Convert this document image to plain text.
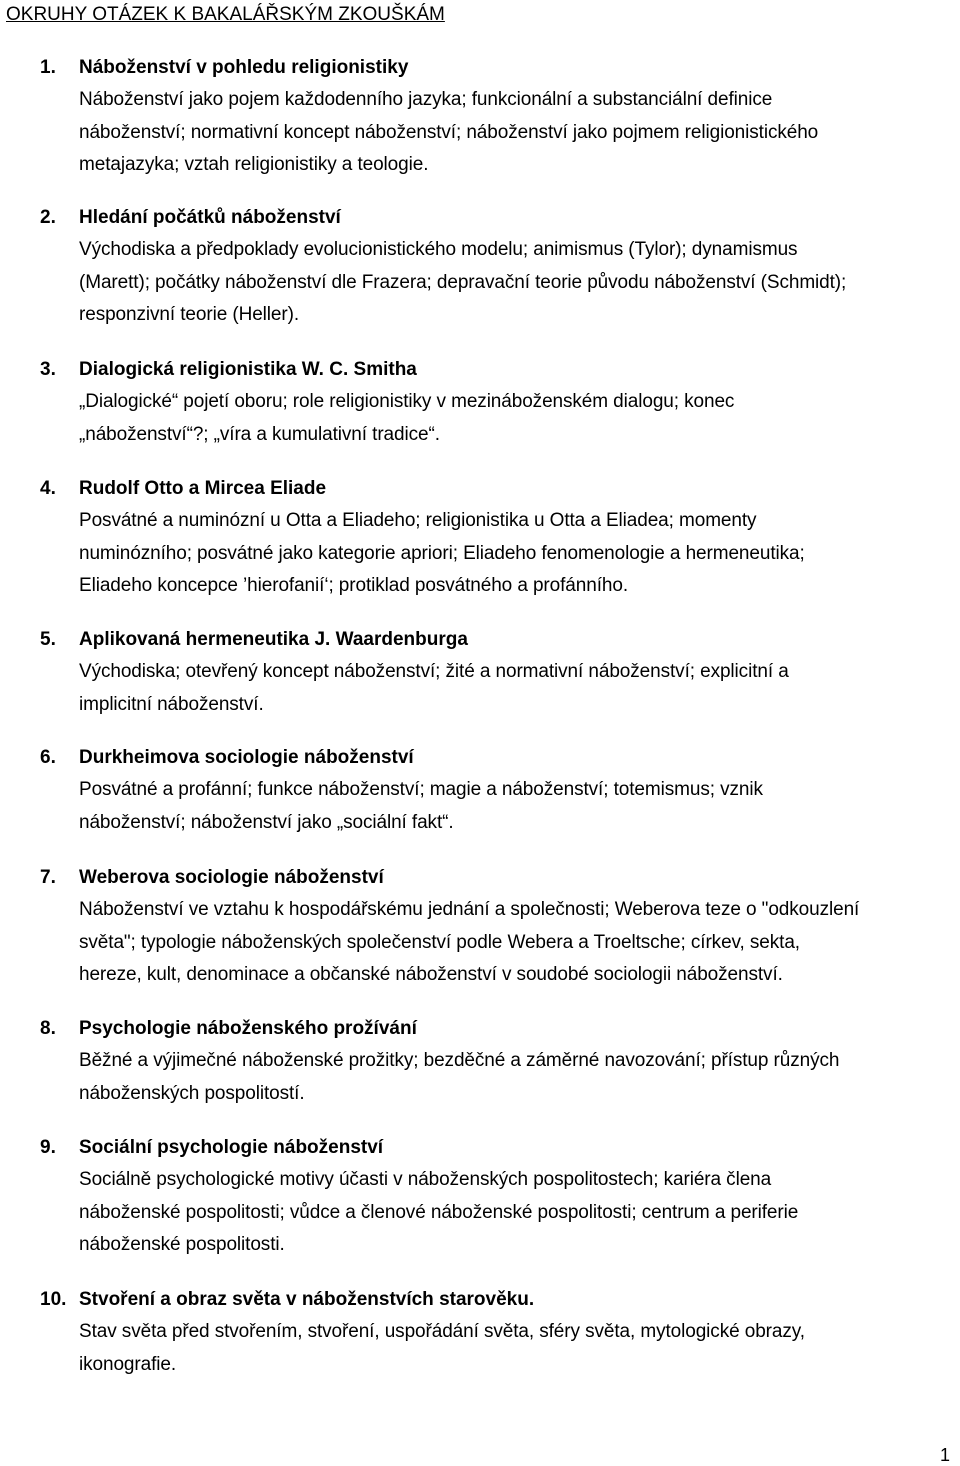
OKRUHY OTÁZEK K BAKALÁŘSKÝM ZKOUŠKÁM
1. Náboženství v pohledu religionistiky
Náboženství jako pojem každodenního jazyka; funkcionální a substanciální definice
náboženství; normativní koncept náboženství; náboženství jako pojmem religionistického
metajazyka; vztah religionistiky a teologie.
2. Hledání počátků náboženství
Východiska a předpoklady evolucionistického modelu; animismus (Tylor); dynamismus
(Marett); počátky náboženství dle Frazera; depravační teorie původu náboženství (Schmidt);
responzivní teorie (Heller).
3. Dialogická religionistika W. C. Smitha
„Dialogické“ pojetí oboru; role religionistiky v mezináboženském dialogu; konec
„náboženství“?; „víra a kumulativní tradice“.
4. Rudolf Otto a Mircea Eliade
Posvátné a numinózní u Otta a Eliadeho; religionistika u Otta a Eliadea; momenty
numinózního; posvátné jako kategorie apriori; Eliadeho fenomenologie a hermeneutika;
Eliadeho koncepce ’hierofanií‘; protiklad posvátného a profánního.
5. Aplikovaná hermeneutika J. Waardenburga
Východiska; otevřený koncept náboženství; žité a normativní náboženství; explicitní a
implicitní náboženství.
6. Durkheimova sociologie náboženství
Posvátné a profánní; funkce náboženství; magie a náboženství; totemismus; vznik
náboženství; náboženství jako „sociální fakt“.
7. Weberova sociologie náboženství
Náboženství ve vztahu k hospodářskému jednání a společnosti; Weberova teze o "odkouzlení
světa"; typologie náboženských společenství podle Webera a Troeltsche; církev, sekta,
hereze, kult, denominace a občanské náboženství v soudobé sociologii náboženství.
8. Psychologie náboženského prožívání
Běžné a výjimečné náboženské prožitky; bezděčné a záměrné navozování; přístup různých
náboženských pospolitostí.
9. Sociální psychologie náboženství
Sociálně psychologické motivy účasti v náboženských pospolitostech; kariéra člena
náboženské pospolitosti; vůdce a členové náboženské pospolitosti; centrum a periferie
náboženské pospolitosti.
10. Stvoření a obraz světa v náboženstvích starověku.
Stav světa před stvořením, stvoření, uspořádání světa, sféry světa, mytologické obrazy,
ikonografie.
1
